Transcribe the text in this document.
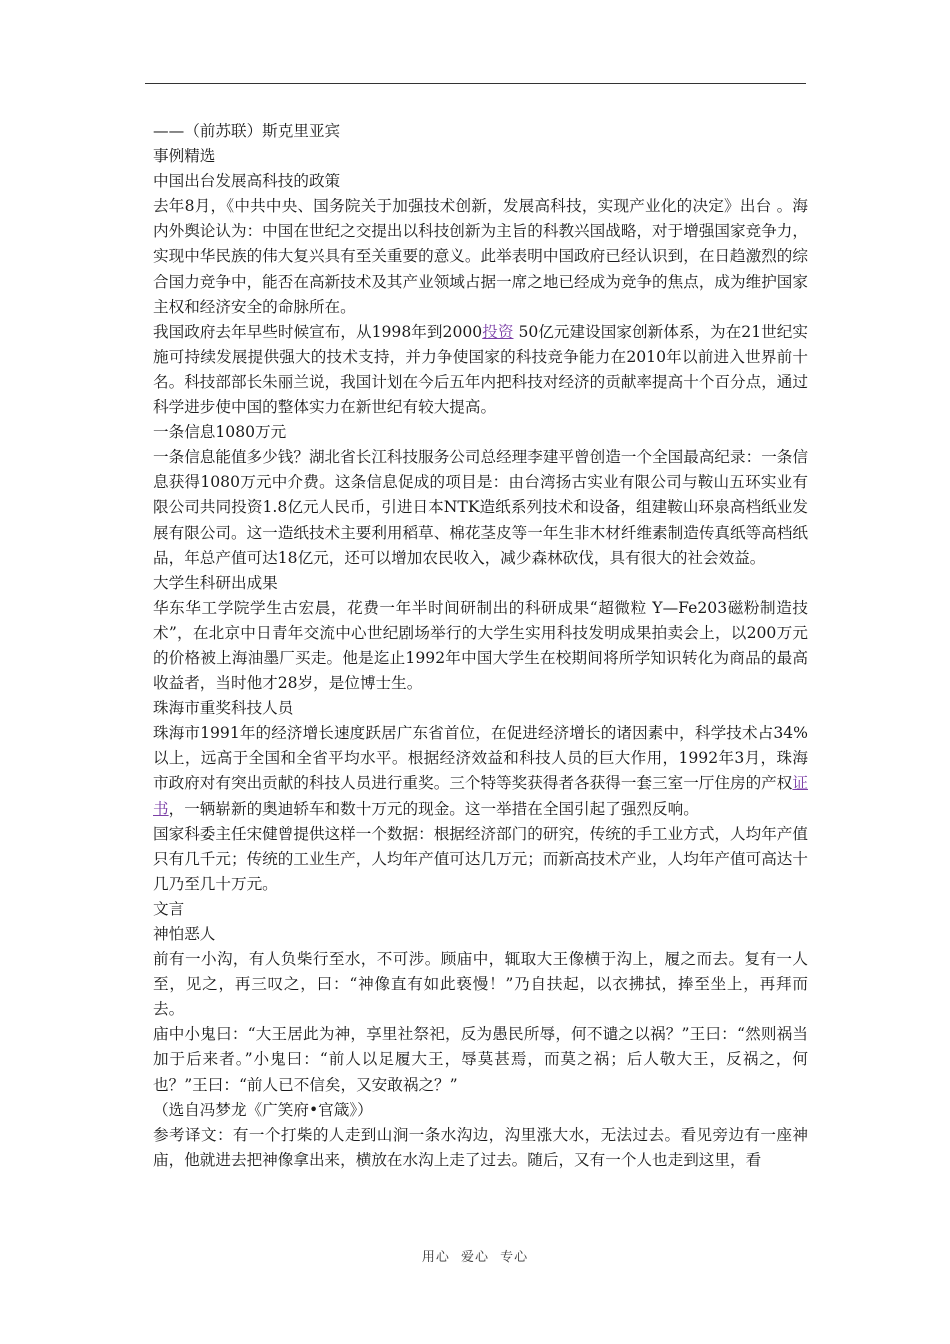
——（前苏联）斯克里亚宾

事例精选

中国出台发展高科技的政策

去年8月，《中共中央、国务院关于加强技术创新，发展高科技，实现产业化的决定》出台 。海内外舆论认为：中国在世纪之交提出以科技创新为主旨的科教兴国战略，对于增强国家竞争力，实现中华民族的伟大复兴具有至关重要的意义。此举表明中国政府已经认识到，在日趋激烈的综合国力竞争中，能否在高新技术及其产业领域占据一席之地已经成为竞争的焦点，成为维护国家主权和经济安全的命脉所在。

我国政府去年早些时候宣布，从1998年到2000投资 50亿元建设国家创新体系，为在21世纪实施可持续发展提供强大的技术支持，并力争使国家的科技竞争能力在2010年以前进入世界前十名。科技部部长朱丽兰说，我国计划在今后五年内把科技对经济的贡献率提高十个百分点，通过科学进步使中国的整体实力在新世纪有较大提高。

一条信息1080万元

一条信息能值多少钱？湖北省长江科技服务公司总经理李建平曾创造一个全国最高纪录：一条信息获得1080万元中介费。这条信息促成的项目是：由台湾扬古实业有限公司与鞍山五环实业有限公司共同投资1.8亿元人民币，引进日本NTK造纸系列技术和设备，组建鞍山环泉高档纸业发展有限公司。这一造纸技术主要利用稻草、棉花茎皮等一年生非木材纤维素制造传真纸等高档纸品，年总产值可达18亿元，还可以增加农民收入，减少森林砍伐，具有很大的社会效益。

大学生科研出成果

华东华工学院学生古宏晨，花费一年半时间研制出的科研成果“超微粒 Y—Fe203磁粉制造技术”，在北京中日青年交流中心世纪剧场举行的大学生实用科技发明成果拍卖会上，以200万元的价格被上海油墨厂买走。他是迄止1992年中国大学生在校期间将所学知识转化为商品的最高收益者，当时他才28岁，是位博士生。

珠海市重奖科技人员

珠海市1991年的经济增长速度跃居广东省首位，在促进经济增长的诸因素中，科学技术占34%以上，远高于全国和全省平均水平。根据经济效益和科技人员的巨大作用，1992年3月，珠海市政府对有突出贡献的科技人员进行重奖。三个特等奖获得者各获得一套三室一厅住房的产权证书，一辆崭新的奥迪轿车和数十万元的现金。这一举措在全国引起了强烈反响。

国家科委主任宋健曾提供这样一个数据：根据经济部门的研究，传统的手工业方式，人均年产值只有几千元；传统的工业生产，人均年产值可达几万元；而新高技术产业，人均年产值可高达十几乃至几十万元。

文言

神怕恶人

前有一小沟，有人负柴行至水，不可涉。顾庙中，辄取大王像横于沟上，履之而去。复有一人至，见之，再三叹之，曰：“神像直有如此亵慢！”乃自扶起，以衣拂拭，捧至坐上，再拜而去。

庙中小鬼曰：“大王居此为神，享里社祭祀，反为愚民所辱，何不谴之以祸？”王曰：“然则祸当加于后来者。”小鬼曰：“前人以足履大王，辱莫甚焉，而莫之祸；后人敬大王，反祸之，何也？”王曰：“前人已不信矣，又安敢祸之？”

（选自冯梦龙《广笑府•官箴》）

参考译文：有一个打柴的人走到山涧一条水沟边，沟里涨大水，无法过去。看见旁边有一座神庙，他就进去把神像拿出来，横放在水沟上走了过去。随后，又有一个人也走到这里，看

用心 爱心 专心
